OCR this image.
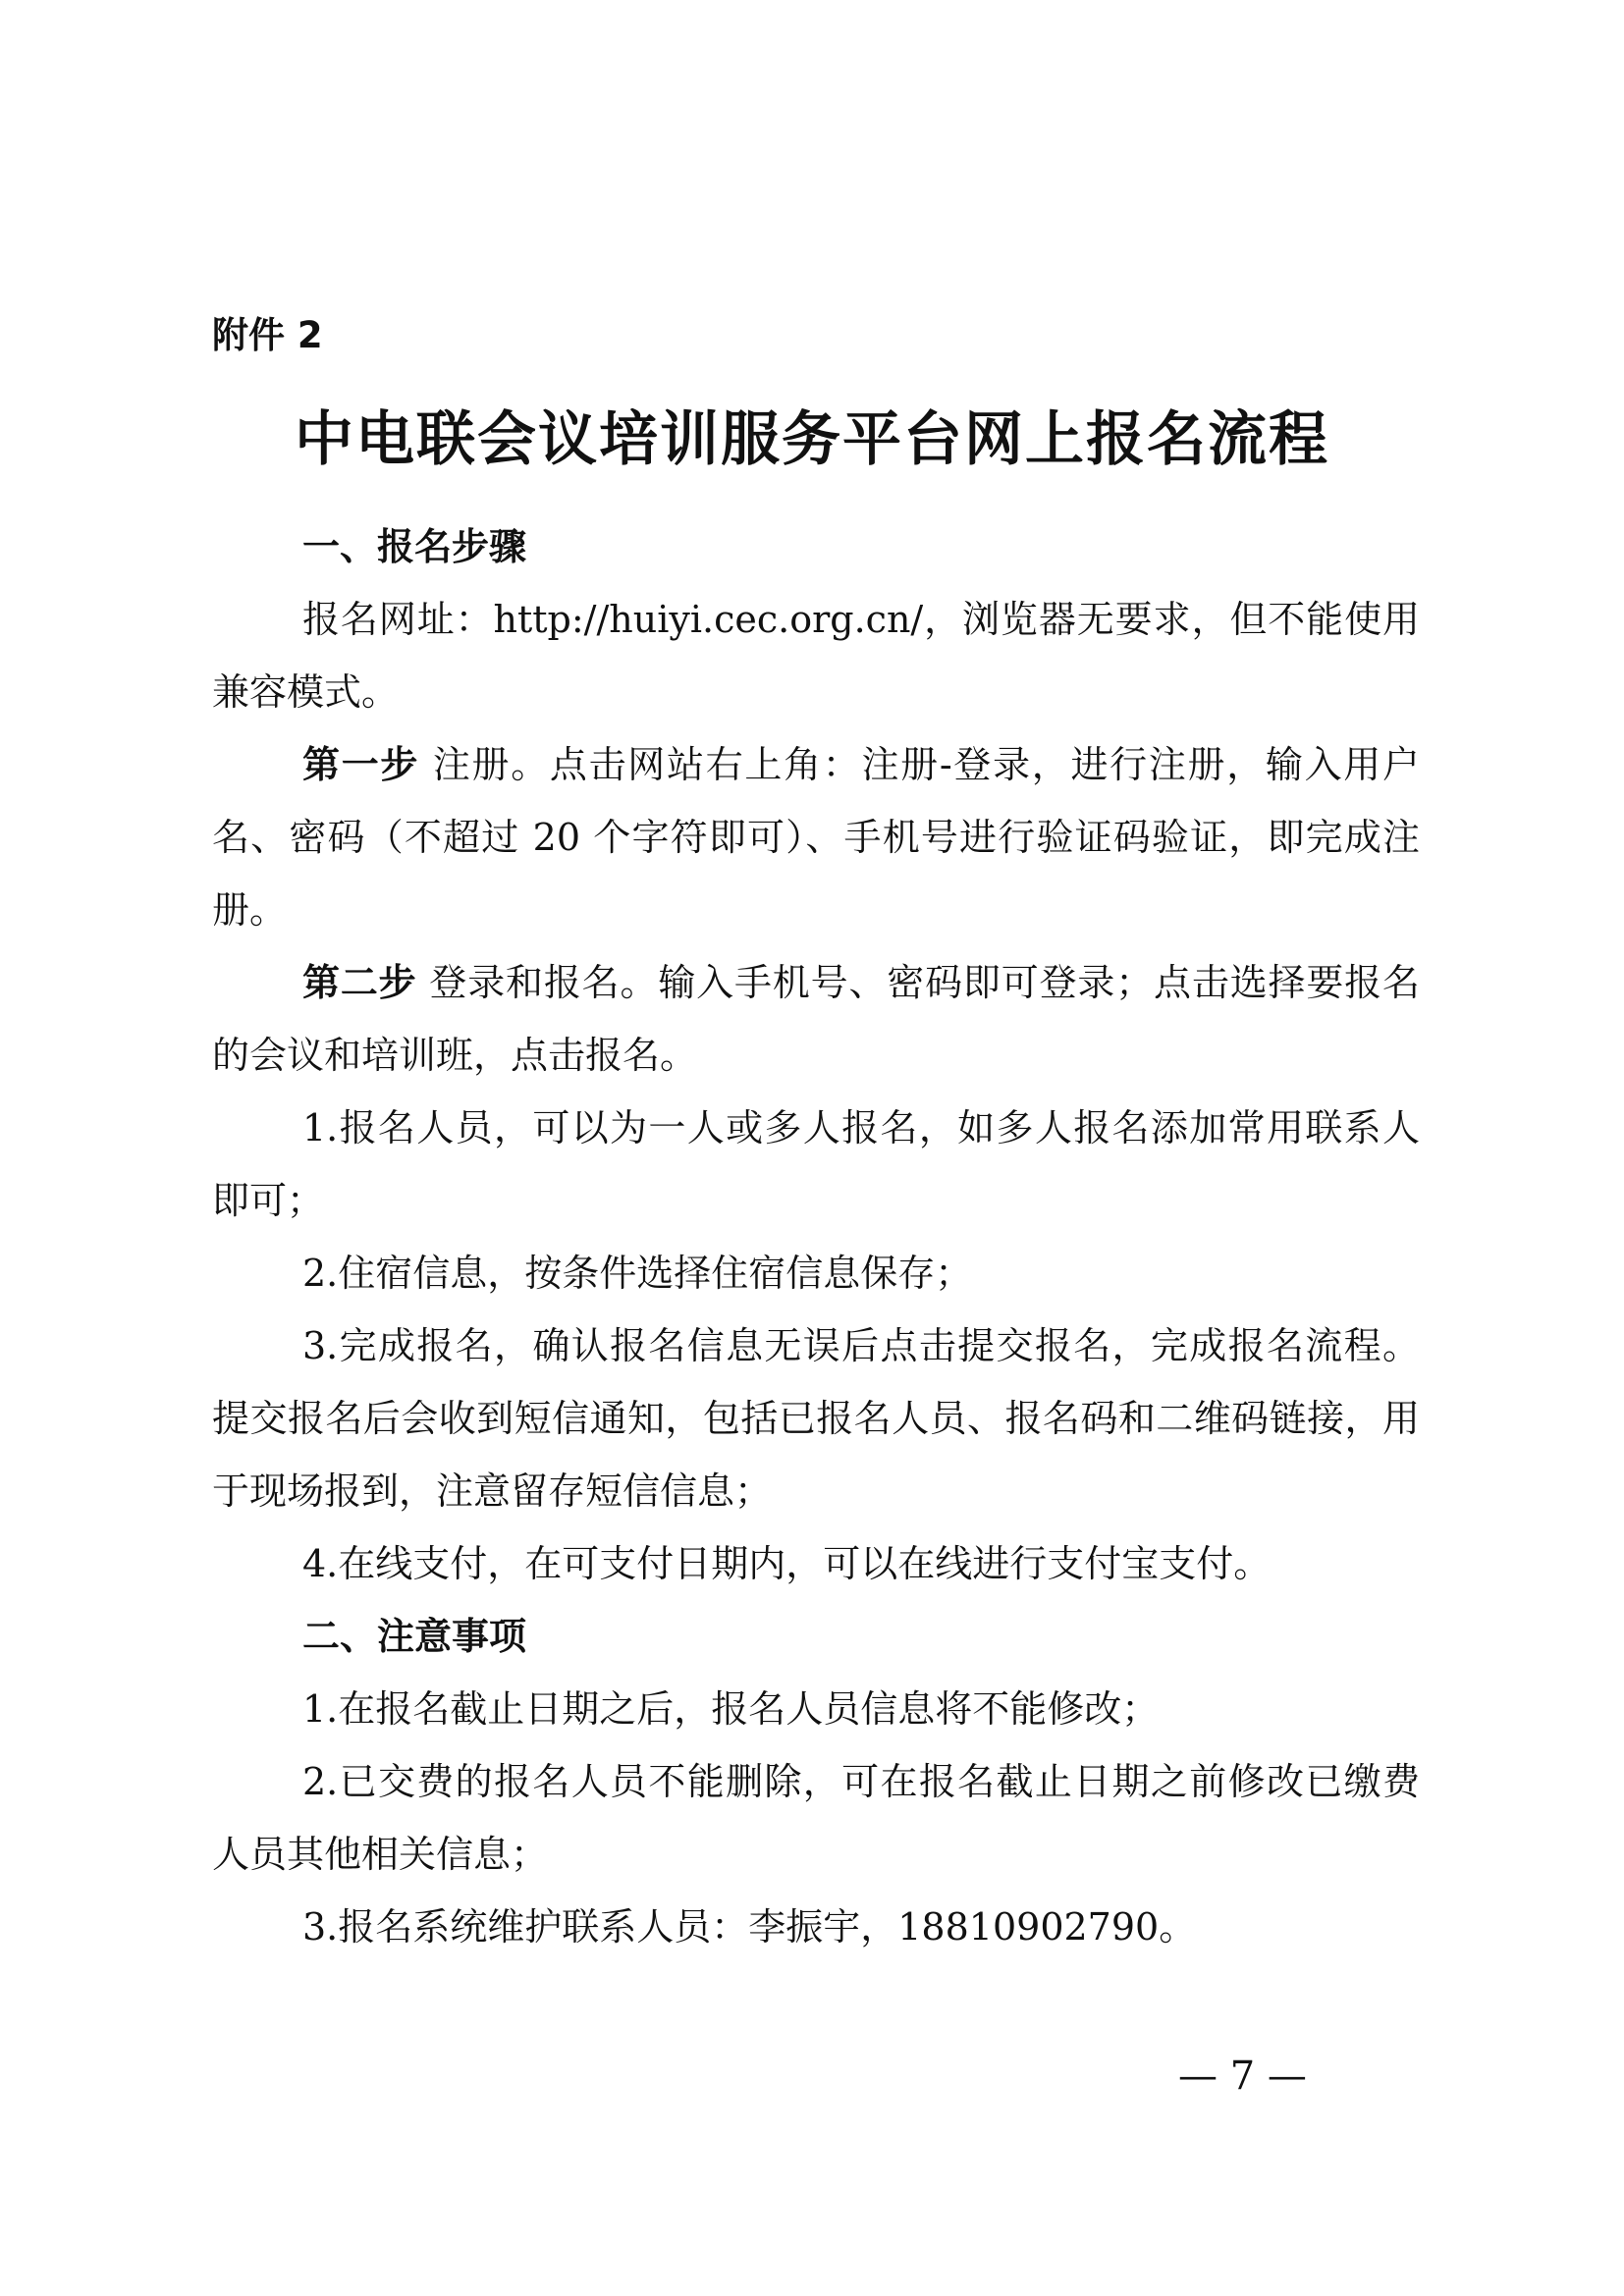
附件 2
中电联会议培训服务平台网上报名流程

一、报名步骤

报名网址：http://huiyi.cec.org.cn/，浏览器无要求，但不能使用兼容模式。

第一步 注册。点击网站右上角：注册-登录，进行注册，输入用户名、密码（不超过 20 个字符即可）、手机号进行验证码验证，即完成注册。

第二步 登录和报名。输入手机号、密码即可登录；点击选择要报名的会议和培训班，点击报名。

1.报名人员，可以为一人或多人报名，如多人报名添加常用联系人即可；

2.住宿信息，按条件选择住宿信息保存；

3.完成报名，确认报名信息无误后点击提交报名，完成报名流程。提交报名后会收到短信通知，包括已报名人员、报名码和二维码链接，用于现场报到，注意留存短信信息；

4.在线支付，在可支付日期内，可以在线进行支付宝支付。

二、注意事项

1.在报名截止日期之后，报名人员信息将不能修改；

2.已交费的报名人员不能删除，可在报名截止日期之前修改已缴费人员其他相关信息；

3.报名系统维护联系人员：李振宇，18810902790。

— 7 —
